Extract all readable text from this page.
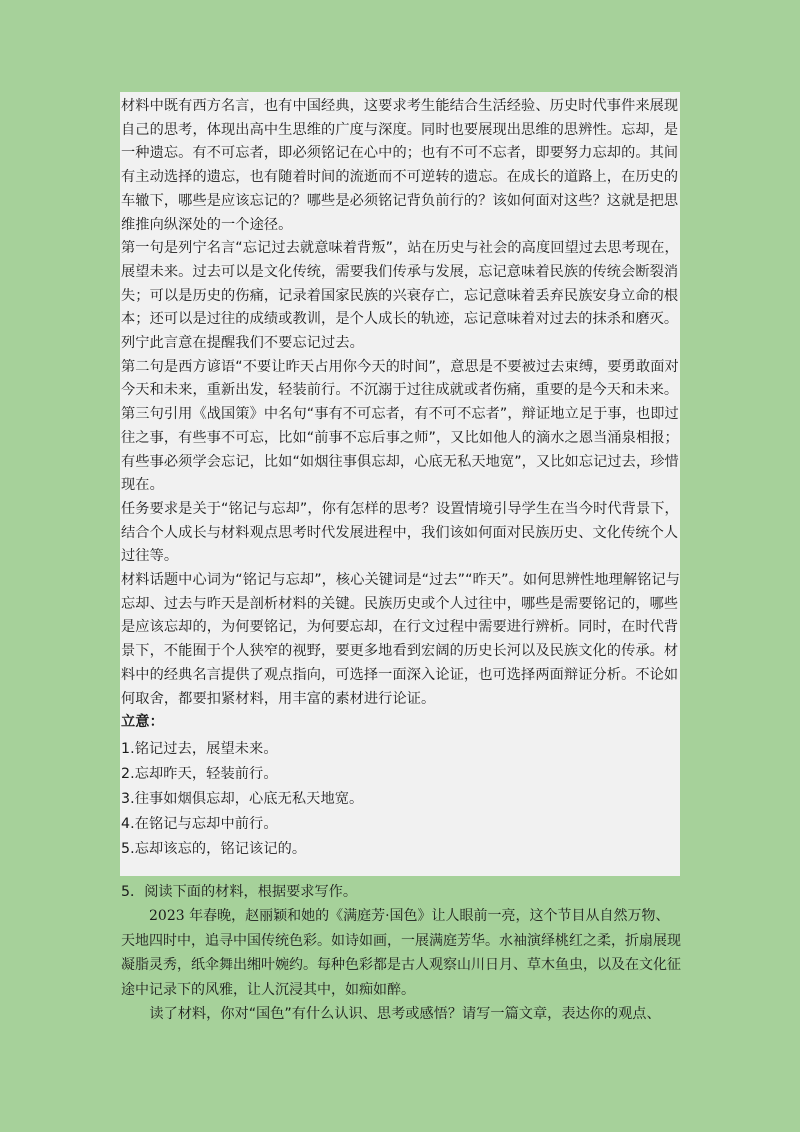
材料中既有西方名言，也有中国经典，这要求考生能结合生活经验、历史时代事件来展现自己的思考，体现出高中生思维的广度与深度。同时也要展现出思维的思辨性。忘却，是一种遗忘。有不可忘者，即必须铭记在心中的；也有不可不忘者，即要努力忘却的。其间有主动选择的遗忘，也有随着时间的流逝而不可逆转的遗忘。在成长的道路上，在历史的车辙下，哪些是应该忘记的？哪些是必须铭记背负前行的？该如何面对这些？这就是把思维推向纵深处的一个途径。

第一句是列宁名言“忘记过去就意味着背叛”，站在历史与社会的高度回望过去思考现在，展望未来。过去可以是文化传统，需要我们传承与发展，忘记意味着民族的传统会断裂消失；可以是历史的伤痛，记录着国家民族的兴衰存亡，忘记意味着丢弃民族安身立命的根本；还可以是过往的成绩或教训，是个人成长的轨迹，忘记意味着对过去的抹杀和磨灭。列宁此言意在提醒我们不要忘记过去。

第二句是西方谚语“不要让昨天占用你今天的时间”，意思是不要被过去束缚，要勇敢面对今天和未来，重新出发，轻装前行。不沉溺于过往成就或者伤痛，重要的是今天和未来。

第三句引用《战国策》中名句“事有不可忘者，有不可不忘者”，辩证地立足于事，也即过往之事，有些事不可忘，比如“前事不忘后事之师”，又比如他人的滴水之恩当涌泉相报；有些事必须学会忘记，比如“如烟往事俱忘却，心底无私天地宽”，又比如忘记过去，珍惜现在。

任务要求是关于“铭记与忘却”，你有怎样的思考？设置情境引导学生在当今时代背景下，结合个人成长与材料观点思考时代发展进程中，我们该如何面对民族历史、文化传统个人过往等。

材料话题中心词为“铭记与忘却”，核心关键词是“过去”“昨天”。如何思辨性地理解铭记与忘却、过去与昨天是剖析材料的关键。民族历史或个人过往中，哪些是需要铭记的，哪些是应该忘却的，为何要铭记，为何要忘却，在行文过程中需要进行辨析。同时，在时代背景下，不能囿于个人狭窄的视野，要更多地看到宏阔的历史长河以及民族文化的传承。材料中的经典名言提供了观点指向，可选择一面深入论证，也可选择两面辩证分析。不论如何取舍，都要扣紧材料，用丰富的素材进行论证。

立意：

1.铭记过去，展望未来。

2.忘却昨天，轻装前行。

3.往事如烟俱忘却，心底无私天地宽。

4.在铭记与忘却中前行。

5.忘却该忘的，铭记该记的。

5．阅读下面的材料，根据要求写作。

2023 年春晚，赵丽颖和她的《满庭芳·国色》让人眼前一亮，这个节目从自然万物、天地四时中，追寻中国传统色彩。如诗如画，一展满庭芳华。水袖演绎桃红之柔，折扇展现凝脂灵秀，纸伞舞出缃叶婉约。每种色彩都是古人观察山川日月、草木鱼虫，以及在文化征途中记录下的风雅，让人沉浸其中，如痴如醉。

读了材料，你对“国色”有什么认识、思考或感悟？请写一篇文章，表达你的观点、
